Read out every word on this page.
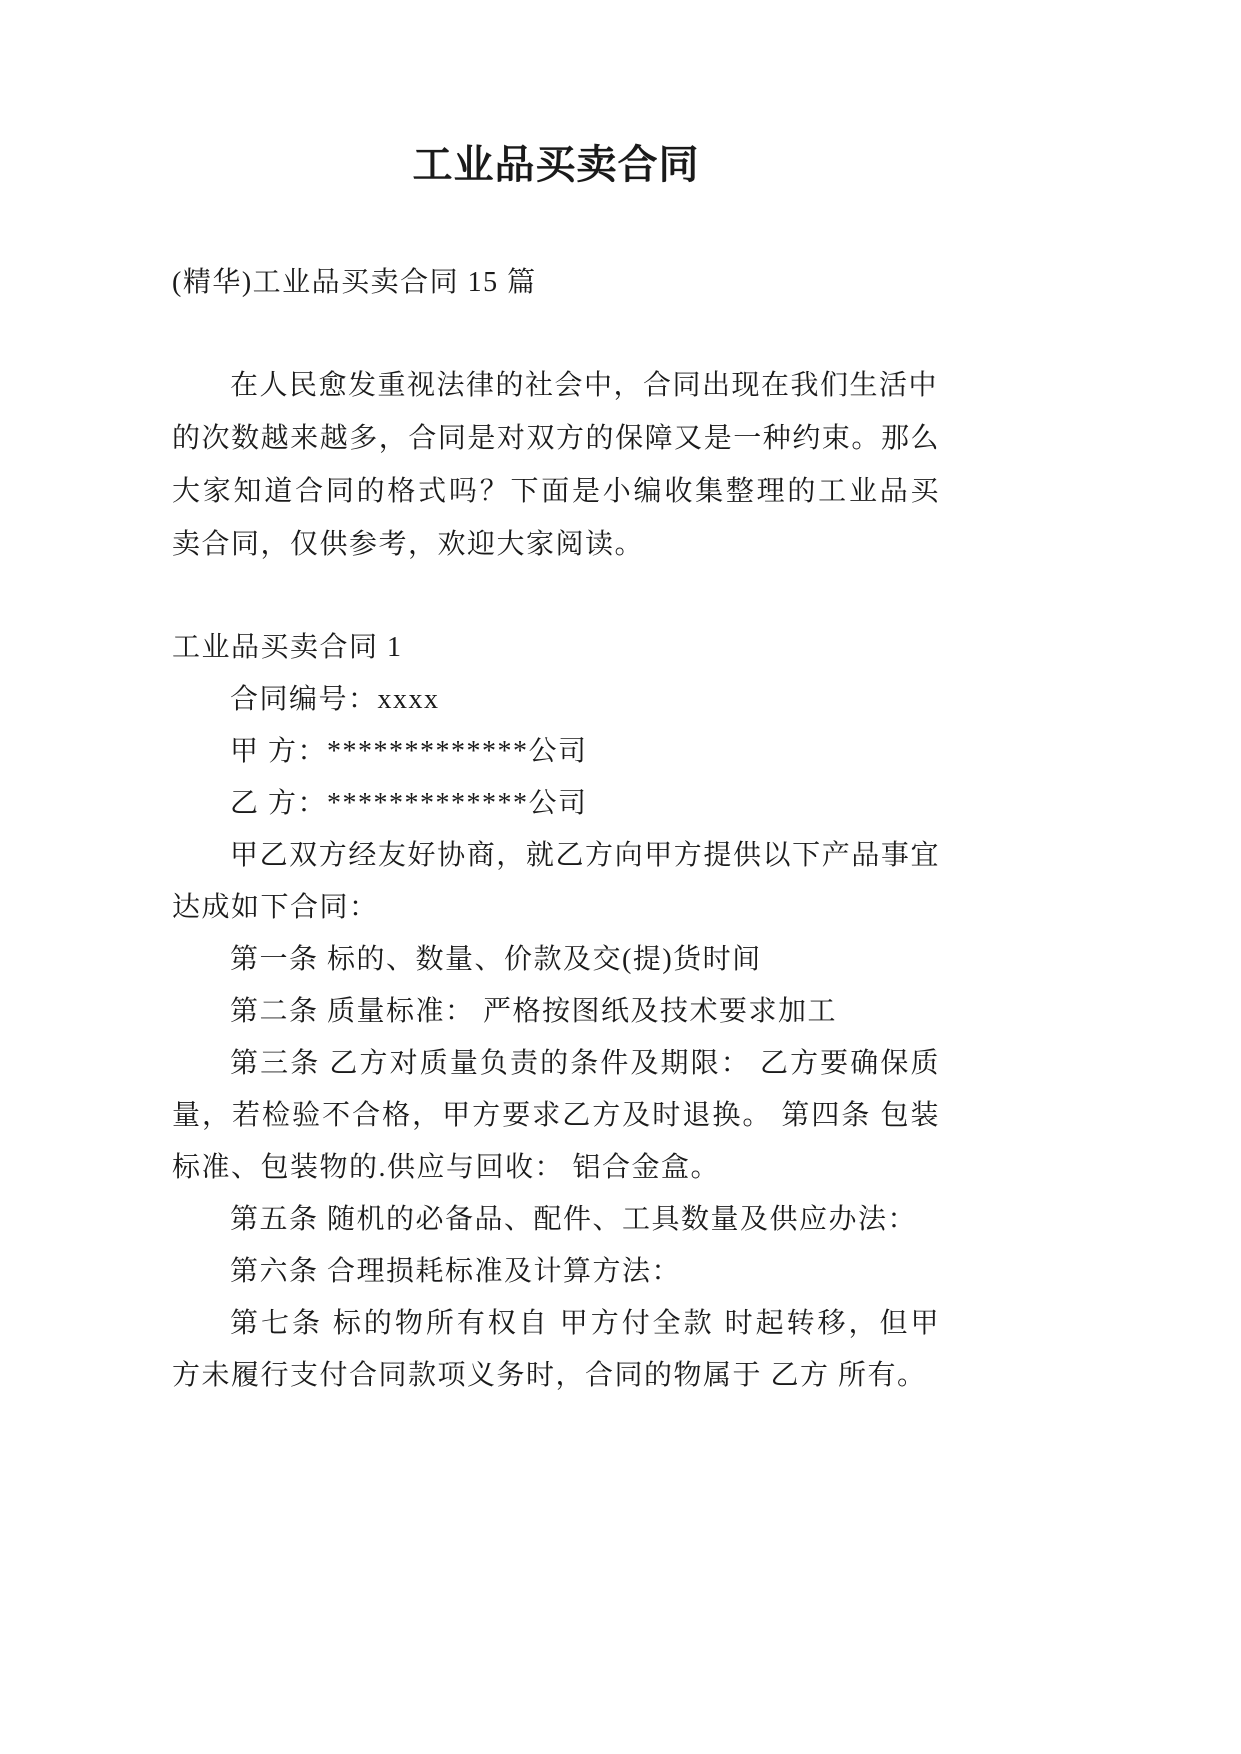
工业品买卖合同
(精华)工业品买卖合同 15 篇
在人民愈发重视法律的社会中，合同出现在我们生活中
的次数越来越多，合同是对双方的保障又是一种约束。那么
大家知道合同的格式吗？下面是小编收集整理的工业品买
卖合同，仅供参考，欢迎大家阅读。
工业品买卖合同 1
合同编号：xxxx
甲 方：*************公司
乙 方：*************公司
甲乙双方经友好协商，就乙方向甲方提供以下产品事宜
达成如下合同：
第一条 标的、数量、价款及交(提)货时间
第二条 质量标准： 严格按图纸及技术要求加工
第三条 乙方对质量负责的条件及期限： 乙方要确保质
量，若检验不合格，甲方要求乙方及时退换。 第四条 包装
标准、包装物的.供应与回收： 铝合金盒。
第五条 随机的必备品、配件、工具数量及供应办法：
第六条 合理损耗标准及计算方法：
第七条 标的物所有权自 甲方付全款 时起转移，但甲
方未履行支付合同款项义务时，合同的物属于 乙方 所有。
